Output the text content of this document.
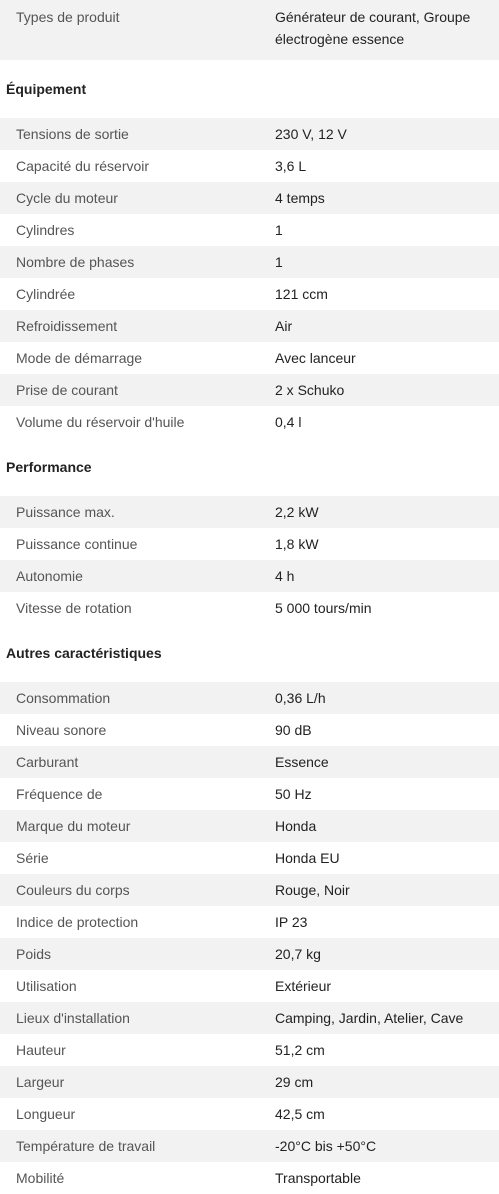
Types de produit	Générateur de courant, Groupe électrogène essence
Équipement
Tensions de sortie	230 V, 12 V
Capacité du réservoir	3,6 L
Cycle du moteur	4 temps
Cylindres	1
Nombre de phases	1
Cylindrée	121 ccm
Refroidissement	Air
Mode de démarrage	Avec lanceur
Prise de courant	2 x Schuko
Volume du réservoir d'huile	0,4 l
Performance
Puissance max.	2,2 kW
Puissance continue	1,8 kW
Autonomie	4 h
Vitesse de rotation	5 000 tours/min
Autres caractéristiques
Consommation	0,36 L/h
Niveau sonore	90 dB
Carburant	Essence
Fréquence de	50 Hz
Marque du moteur	Honda
Série	Honda EU
Couleurs du corps	Rouge, Noir
Indice de protection	IP 23
Poids	20,7 kg
Utilisation	Extérieur
Lieux d'installation	Camping, Jardin, Atelier, Cave
Hauteur	51,2 cm
Largeur	29 cm
Longueur	42,5 cm
Température de travail	-20°C bis +50°C
Mobilité	Transportable
